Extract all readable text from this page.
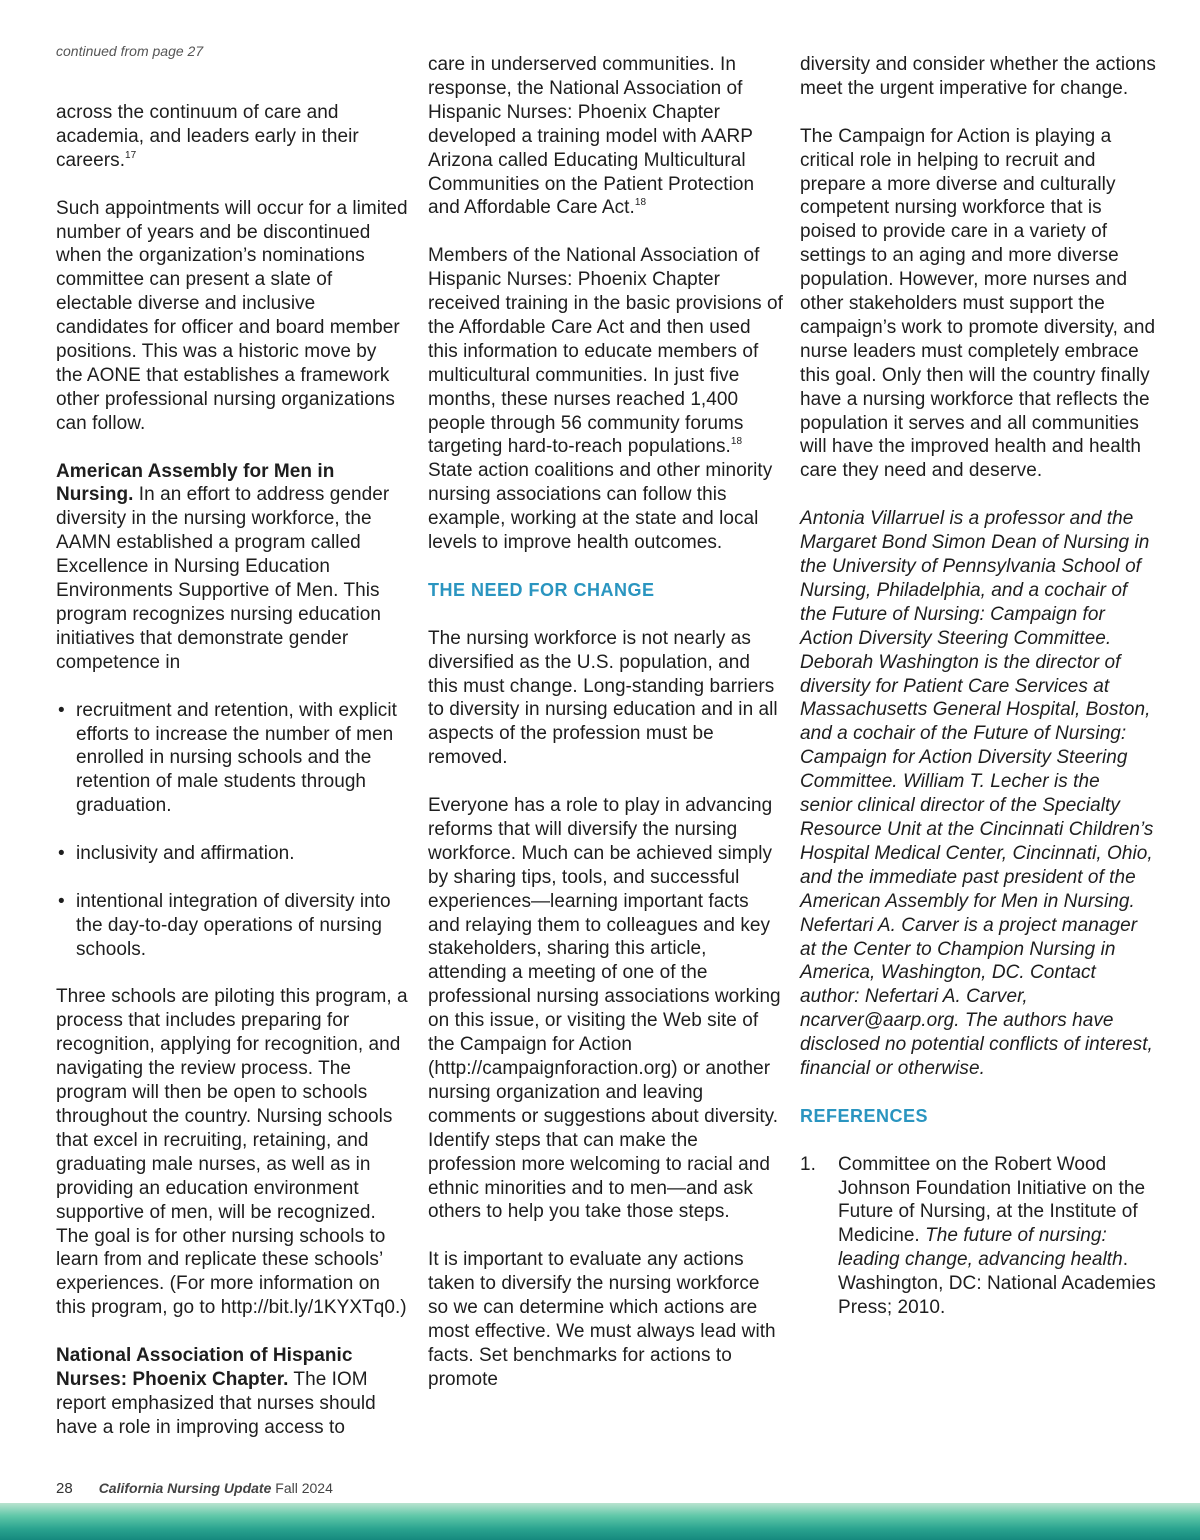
continued from page 27

across the continuum of care and academia, and leaders early in their careers.$^{17}$

Such appointments will occur for a limited number of years and be discontinued when the organization’s nominations committee can present a slate of electable diverse and inclusive candidates for officer and board member positions. This was a historic move by the AONE that establishes a framework other professional nursing organizations can follow.

American Assembly for Men in Nursing. In an effort to address gender diversity in the nursing workforce, the AAMN established a program called Excellence in Nursing Education Environments Supportive of Men. This program recognizes nursing education initiatives that demonstrate gender competence in

• recruitment and retention, with explicit efforts to increase the number of men enrolled in nursing schools and the retention of male students through graduation.
• inclusivity and affirmation.
• intentional integration of diversity into the day-to-day operations of nursing schools.

Three schools are piloting this program, a process that includes preparing for recognition, applying for recognition, and navigating the review process. The program will then be open to schools throughout the country. Nursing schools that excel in recruiting, retaining, and graduating male nurses, as well as in providing an education environment supportive of men, will be recognized. The goal is for other nursing schools to learn from and replicate these schools’ experiences. (For more information on this program, go to http://bit.ly/1KYXTq0.)

National Association of Hispanic Nurses: Phoenix Chapter. The IOM report emphasized that nurses should have a role in improving access to

care in underserved communities. In response, the National Association of Hispanic Nurses: Phoenix Chapter developed a training model with AARP Arizona called Educating Multicultural Communities on the Patient Protection and Affordable Care Act.$^{18}$

Members of the National Association of Hispanic Nurses: Phoenix Chapter received training in the basic provisions of the Affordable Care Act and then used this information to educate members of multicultural communities. In just five months, these nurses reached 1,400 people through 56 community forums targeting hard-to-reach populations.$^{18}$ State action coalitions and other minority nursing associations can follow this example, working at the state and local levels to improve health outcomes.

THE NEED FOR CHANGE

The nursing workforce is not nearly as diversified as the U.S. population, and this must change. Long-standing barriers to diversity in nursing education and in all aspects of the profession must be removed.

Everyone has a role to play in advancing reforms that will diversify the nursing workforce. Much can be achieved simply by sharing tips, tools, and successful experiences—learning important facts and relaying them to colleagues and key stakeholders, sharing this article, attending a meeting of one of the professional nursing associations working on this issue, or visiting the Web site of the Campaign for Action (http://campaignforaction.org) or another nursing organization and leaving comments or suggestions about diversity. Identify steps that can make the profession more welcoming to racial and ethnic minorities and to men—and ask others to help you take those steps.

It is important to evaluate any actions taken to diversify the nursing workforce so we can determine which actions are most effective. We must always lead with facts. Set benchmarks for actions to promote

diversity and consider whether the actions meet the urgent imperative for change.

The Campaign for Action is playing a critical role in helping to recruit and prepare a more diverse and culturally competent nursing workforce that is poised to provide care in a variety of settings to an aging and more diverse population. However, more nurses and other stakeholders must support the campaign’s work to promote diversity, and nurse leaders must completely embrace this goal. Only then will the country finally have a nursing workforce that reflects the population it serves and all communities will have the improved health and health care they need and deserve.

Antonia Villarruel is a professor and the Margaret Bond Simon Dean of Nursing in the University of Pennsylvania School of Nursing, Philadelphia, and a cochair of the Future of Nursing: Campaign for Action Diversity Steering Committee. Deborah Washington is the director of diversity for Patient Care Services at Massachusetts General Hospital, Boston, and a cochair of the Future of Nursing: Campaign for Action Diversity Steering Committee. William T. Lecher is the senior clinical director of the Specialty Resource Unit at the Cincinnati Children’s Hospital Medical Center, Cincinnati, Ohio, and the immediate past president of the American Assembly for Men in Nursing. Nefertari A. Carver is a project manager at the Center to Champion Nursing in America, Washington, DC. Contact author: Nefertari A. Carver, ncarver@aarp.org. The authors have disclosed no potential conflicts of interest, financial or otherwise.

REFERENCES
1. Committee on the Robert Wood Johnson Foundation Initiative on the Future of Nursing, at the Institute of Medicine. The future of nursing: leading change, advancing health. Washington, DC: National Academies Press; 2010.
28 California Nursing Update Fall 2024
